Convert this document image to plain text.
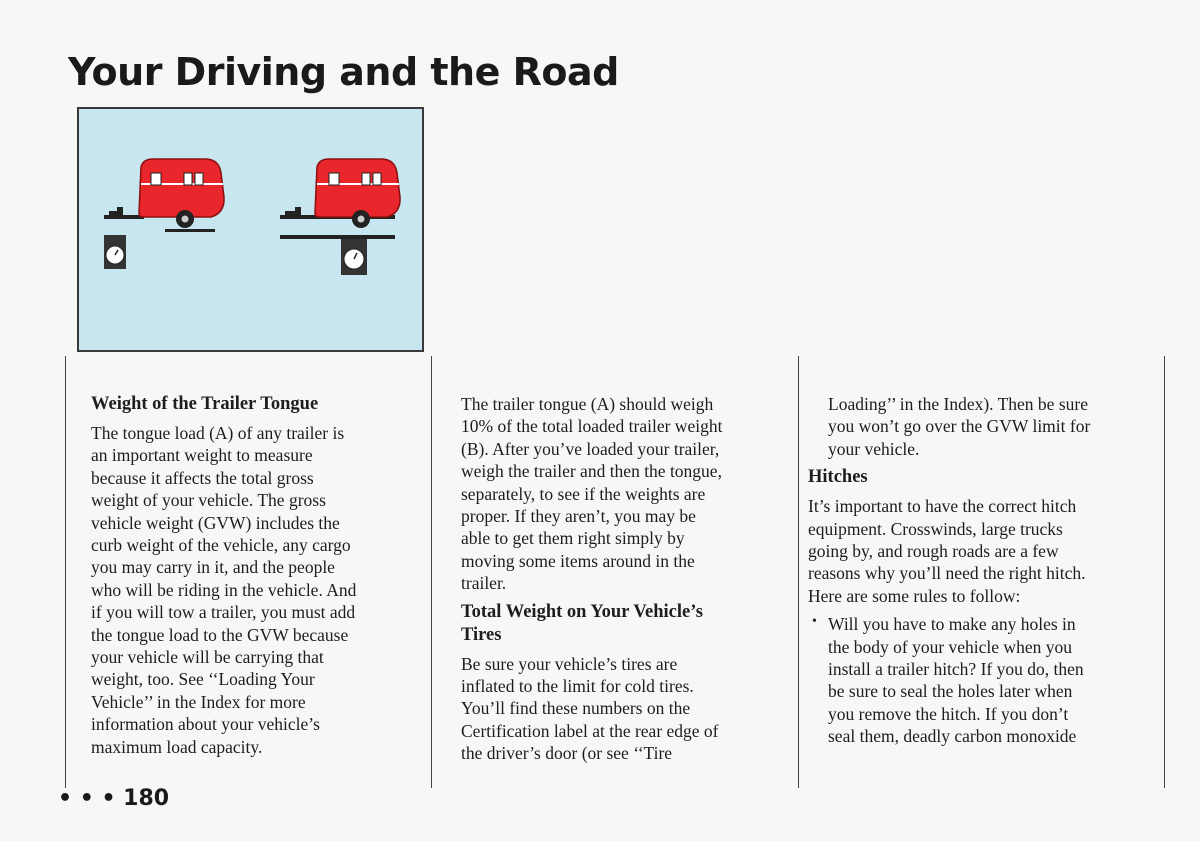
Your Driving and the Road
Weight of the Trailer Tongue

The tongue load (A) of any trailer is

an important weight to measure

because it affects the total gross

weight of your vehicle. The gross

vehicle weight (GVW) includes the

curb weight of the vehicle, any cargo

you may carry in it, and the people

who will be riding in the vehicle. And

if you will tow a trailer, you must add

the tongue load to the GVW because

your vehicle will be carrying that

weight, too. See ‘‘Loading Your

Vehicle’’ in the Index for more

information about your vehicle’s

maximum load capacity.

The trailer tongue (A) should weigh

10% of the total loaded trailer weight

(B). After you’ve loaded your trailer,

weigh the trailer and then the tongue,

separately, to see if the weights are

proper. If they aren’t, you may be

able to get them right simply by

moving some items around in the

trailer.

Total Weight on Your Vehicle’s
Tires

Be sure your vehicle’s tires are

inflated to the limit for cold tires.

You’ll find these numbers on the

Certification label at the rear edge of

the driver’s door (or see ‘‘Tire

Loading’’ in the Index). Then be sure

you won’t go over the GVW limit for

your vehicle.

Hitches

It’s important to have the correct hitch

equipment. Crosswinds, large trucks

going by, and rough roads are a few

reasons why you’ll need the right hitch.

Here are some rules to follow:

• Will you have to make any holes in

the body of your vehicle when you

install a trailer hitch? If you do, then

be sure to seal the holes later when

you remove the hitch. If you don’t

seal them, deadly carbon monoxide

• • • 180
